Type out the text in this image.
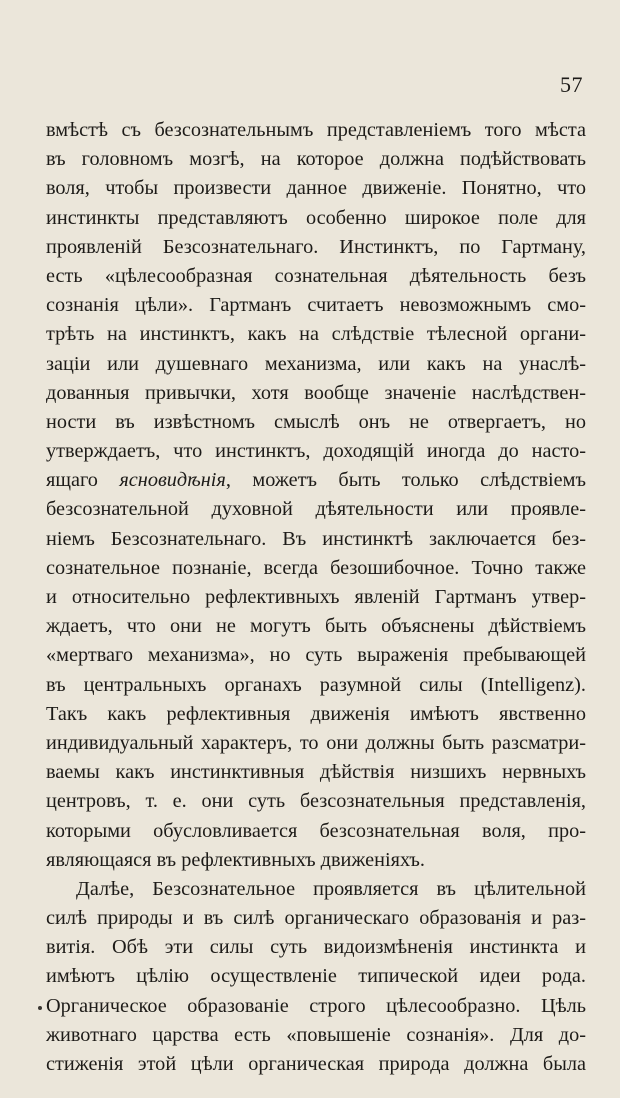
57
вмѣстѣ съ безсознательнымъ представленіемъ того мѣста
въ головномъ мозгѣ, на которое должна подѣйствовать
воля, чтобы произвести данное движеніе. Понятно, что
инстинкты представляютъ особенно широкое поле для
проявленій Безсознательнаго. Инстинктъ, по Гартману,
есть «цѣлесообразная сознательная дѣятельность безъ
сознанія цѣли». Гартманъ считаетъ невозможнымъ смо-
трѣть на инстинктъ, какъ на слѣдствіе тѣлесной органи-
заціи или душевнаго механизма, или какъ на унаслѣ-
дованныя привычки, хотя вообще значеніе наслѣдствен-
ности въ извѣстномъ смыслѣ онъ не отвергаетъ, но
утверждаетъ, что инстинктъ, доходящій иногда до насто-
ящаго ясновидѣнія, можетъ быть только слѣдствіемъ
безсознательной духовной дѣятельности или проявле-
ніемъ Безсознательнаго. Въ инстинктѣ заключается без-
сознательное познаніе, всегда безошибочное. Точно также
и относительно рефлективныхъ явленій Гартманъ утвер-
ждаетъ, что они не могутъ быть объяснены дѣйствіемъ
«мертваго механизма», но суть выраженія пребывающей
въ центральныхъ органахъ разумной силы (Intelligenz).
Такъ какъ рефлективныя движенія имѣютъ явственно
индивидуальный характеръ, то они должны быть разсматри-
ваемы какъ инстинктивныя дѣйствія низшихъ нервныхъ
центровъ, т. е. они суть безсознательныя представленія,
которыми обусловливается безсознательная воля, про-
являющаяся въ рефлективныхъ движеніяхъ.
Далѣе, Безсознательное проявляется въ цѣлительной
силѣ природы и въ силѣ органическаго образованія и раз-
витія. Обѣ эти силы суть видоизмѣненія инстинкта и
имѣютъ цѣлію осуществленіе типической идеи рода.
Органическое образованіе строго цѣлесообразно. Цѣль
животнаго царства есть «повышеніе сознанія». Для до-
стиженія этой цѣли органическая природа должна была
